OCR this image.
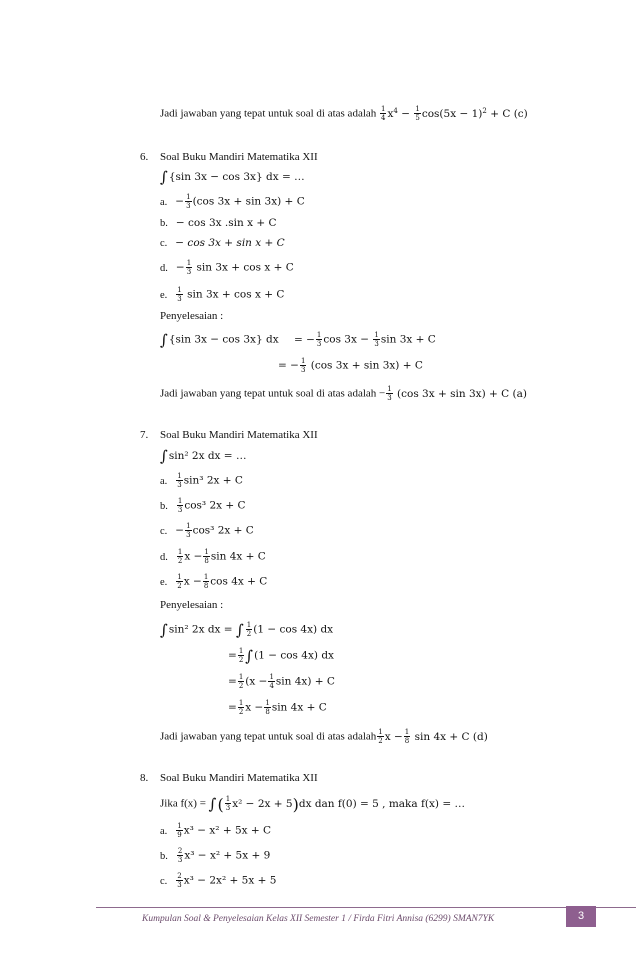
Jadi jawaban yang tepat untuk soal di atas adalah $\frac{1}{4} x^4 - \frac{1}{5} \cos(5x - 1)^2 + C$ (c)
6. Soal Buku Mandiri Matematika XII
∫{sin 3x − cos 3x} dx = …
a. − $\frac{1}{3} (\cos$ 3x + sin 3x) + C
b. − cos 3x .sin x + C
c. − cos 3x + sin x + C
d. − $\frac{1}{3}$ sin 3x + cos x + C
e. $\frac{1}{3}$ sin 3x + cos x + C
Penyelesaian :
∫{sin 3x − cos 3x} dx = − $\frac{1}{3}$ $\cos 3x - \frac{1}{3}$ sin 3x + C
= − $\frac{1}{3} (\cos$ 3x + sin 3x) + C
Jadi jawaban yang tepat untuk soal di atas adalah − $\frac{1}{3} (\cos$ 3x + sin 3x) + C (a)
7. Soal Buku Mandiri Matematika XII
∫sin² 2x dx = …
a. $\frac{1}{3} \sin^3$ 2x + C
b. $\frac{1}{3} \cos^3$ 2x + C
c. − $\frac{1}{3} \cos^3$ 2x + C
d. $\frac{1}{2}$ $x - \frac{1}{8}$ sin 4x + C
e. $\frac{1}{2}$ $x - \frac{1}{8}$ cos 4x + C
Penyelesaian :
∫sin² 2x dx = ∫ $\frac{1}{2} (1 - \cos 4x)$ dx
= $\frac{1}{2} \int(1 - \cos 4x)$ dx
= $\frac{1}{2} (x - \frac{1}{4}$ sin 4x) + C
= $\frac{1}{2}$ $x - \frac{1}{8}$ sin 4x + C
Jadi jawaban yang tepat untuk soal di atas adalah $\frac{1}{2}$ $x - \frac{1}{8}$ sin 4x + C (d)
8. Soal Buku Mandiri Matematika XII
Jika f(x) = ∫( $\frac{1}{3} x^2 - 2x + 5)dx$ dan f(0) = 5 , maka f(x) = …
a. $\frac{1}{9} x^3 - x^2 + 5x + C$
b. $\frac{2}{3} x^3 - x^2 + 5x + 9$
c. $\frac{2}{3} x^3 - 2x^2 + 5x + 5$
Kumpulan Soal & Penyelesaian Kelas XII Semester 1 / Firda Fitri Annisa (6299) SMAN7YK	3
